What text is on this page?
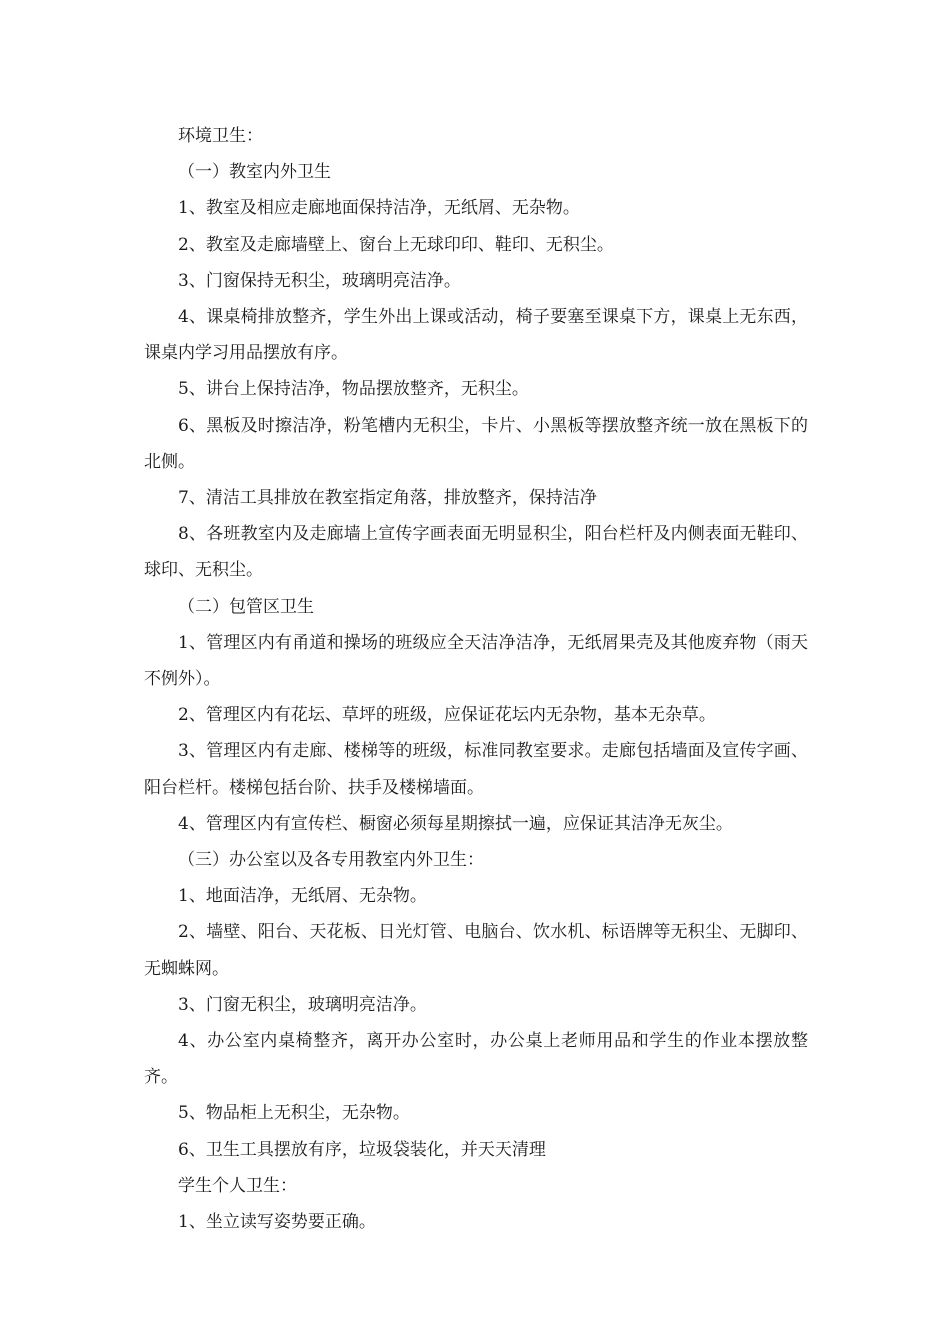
环境卫生：

（一）教室内外卫生

1、教室及相应走廊地面保持洁净，无纸屑、无杂物。

2、教室及走廊墙壁上、窗台上无球印印、鞋印、无积尘。

3、门窗保持无积尘，玻璃明亮洁净。

4、课桌椅排放整齐，学生外出上课或活动，椅子要塞至课桌下方，课桌上无东西，课桌内学习用品摆放有序。

5、讲台上保持洁净，物品摆放整齐，无积尘。

6、黑板及时擦洁净，粉笔槽内无积尘，卡片、小黑板等摆放整齐统一放在黑板下的北侧。

7、清洁工具排放在教室指定角落，排放整齐，保持洁净

8、各班教室内及走廊墙上宣传字画表面无明显积尘，阳台栏杆及内侧表面无鞋印、球印、无积尘。

（二）包管区卫生

1、管理区内有甬道和操场的班级应全天洁净洁净，无纸屑果壳及其他废弃物（雨天不例外）。

2、管理区内有花坛、草坪的班级，应保证花坛内无杂物，基本无杂草。

3、管理区内有走廊、楼梯等的班级，标准同教室要求。走廊包括墙面及宣传字画、阳台栏杆。楼梯包括台阶、扶手及楼梯墙面。

4、管理区内有宣传栏、橱窗必须每星期擦拭一遍，应保证其洁净无灰尘。

（三）办公室以及各专用教室内外卫生：

1、地面洁净，无纸屑、无杂物。

2、墙壁、阳台、天花板、日光灯管、电脑台、饮水机、标语牌等无积尘、无脚印、无蜘蛛网。

3、门窗无积尘，玻璃明亮洁净。

4、办公室内桌椅整齐，离开办公室时，办公桌上老师用品和学生的作业本摆放整齐。

5、物品柜上无积尘，无杂物。

6、卫生工具摆放有序，垃圾袋装化，并天天清理

学生个人卫生：

1、坐立读写姿势要正确。
